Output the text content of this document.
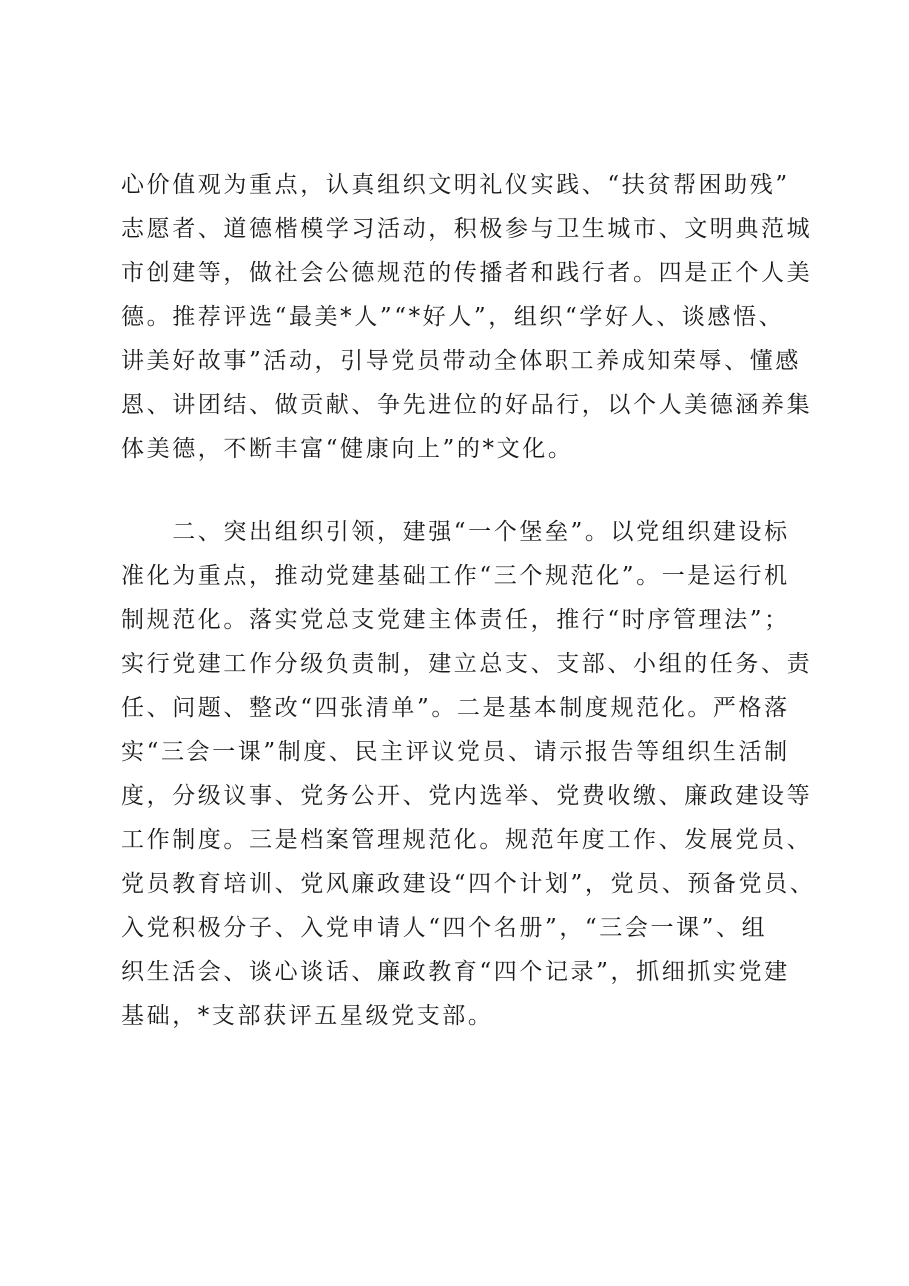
心价值观为重点，认真组织文明礼仪实践、“扶贫帮困助残”
志愿者、道德楷模学习活动，积极参与卫生城市、文明典范城
市创建等，做社会公德规范的传播者和践行者。四是正个人美
德。推荐评选“最美*人”“*好人”，组织“学好人、谈感悟、
讲美好故事”活动，引导党员带动全体职工养成知荣辱、懂感
恩、讲团结、做贡献、争先进位的好品行，以个人美德涵养集
体美德，不断丰富“健康向上”的*文化。
　　二、突出组织引领，建强“一个堡垒”。以党组织建设标
准化为重点，推动党建基础工作“三个规范化”。一是运行机
制规范化。落实党总支党建主体责任，推行“时序管理法”；
实行党建工作分级负责制，建立总支、支部、小组的任务、责
任、问题、整改“四张清单”。二是基本制度规范化。严格落
实“三会一课”制度、民主评议党员、请示报告等组织生活制
度，分级议事、党务公开、党内选举、党费收缴、廉政建设等
工作制度。三是档案管理规范化。规范年度工作、发展党员、
党员教育培训、党风廉政建设“四个计划”，党员、预备党员、
入党积极分子、入党申请人“四个名册”，“三会一课”、组
织生活会、谈心谈话、廉政教育“四个记录”，抓细抓实党建
基础，*支部获评五星级党支部。
